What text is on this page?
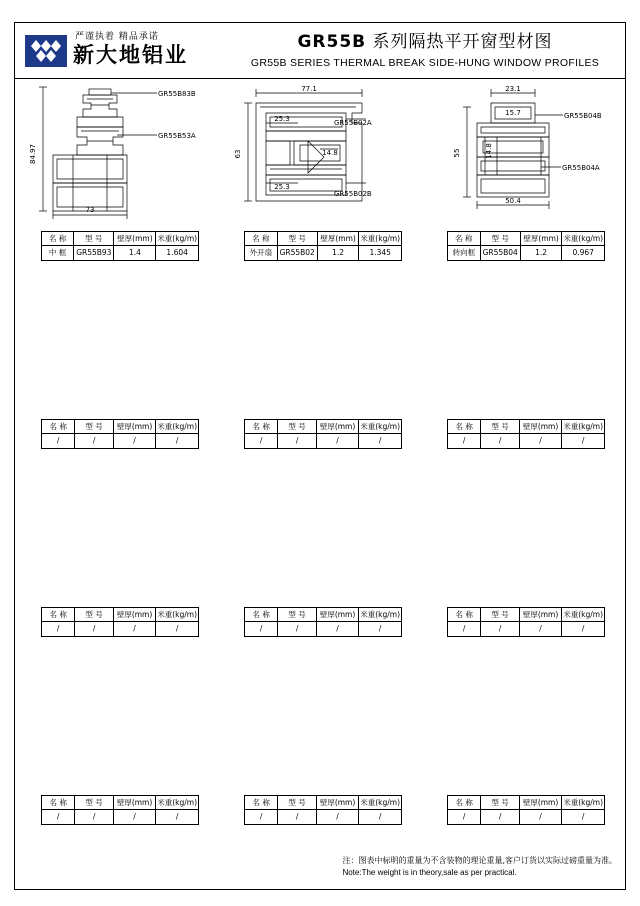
严谨执着 精品承诺
新大地铝业
GR55B 系列隔热平开窗型材图
GR55B SERIES THERMAL BREAK SIDE-HUNG WINDOW PROFILES
84.97
73
GR55B83B
GR55B53A
名 称	型 号	壁厚(mm)	米重(kg/m)
中 框	GR55B93	1.4	1.604
77.1
63
25.3
25.3
14.8
GR55B02A
GR55B02B
名 称	型 号	壁厚(mm)	米重(kg/m)
外开扇	GR55B02	1.2	1.345
23.1
15.7
55	14.8
50.4
GR55B04B
GR55B04A
名 称	型 号	壁厚(mm)	米重(kg/m)
转向框	GR55B04	1.2	0.967
名 称	型 号	壁厚(mm)	米重(kg/m)
/	/	/	/
名 称	型 号	壁厚(mm)	米重(kg/m)
/	/	/	/
名 称	型 号	壁厚(mm)	米重(kg/m)
/	/	/	/
名 称	型 号	壁厚(mm)	米重(kg/m)
/	/	/	/
名 称	型 号	壁厚(mm)	米重(kg/m)
/	/	/	/
名 称	型 号	壁厚(mm)	米重(kg/m)
/	/	/	/
名 称	型 号	壁厚(mm)	米重(kg/m)
/	/	/	/
名 称	型 号	壁厚(mm)	米重(kg/m)
/	/	/	/
名 称	型 号	壁厚(mm)	米重(kg/m)
/	/	/	/
注：图表中标明的重量为不含装物的理论重量,客户订货以实际过磅重量为准。
Note:The weight is in theory,sale as per practical.
